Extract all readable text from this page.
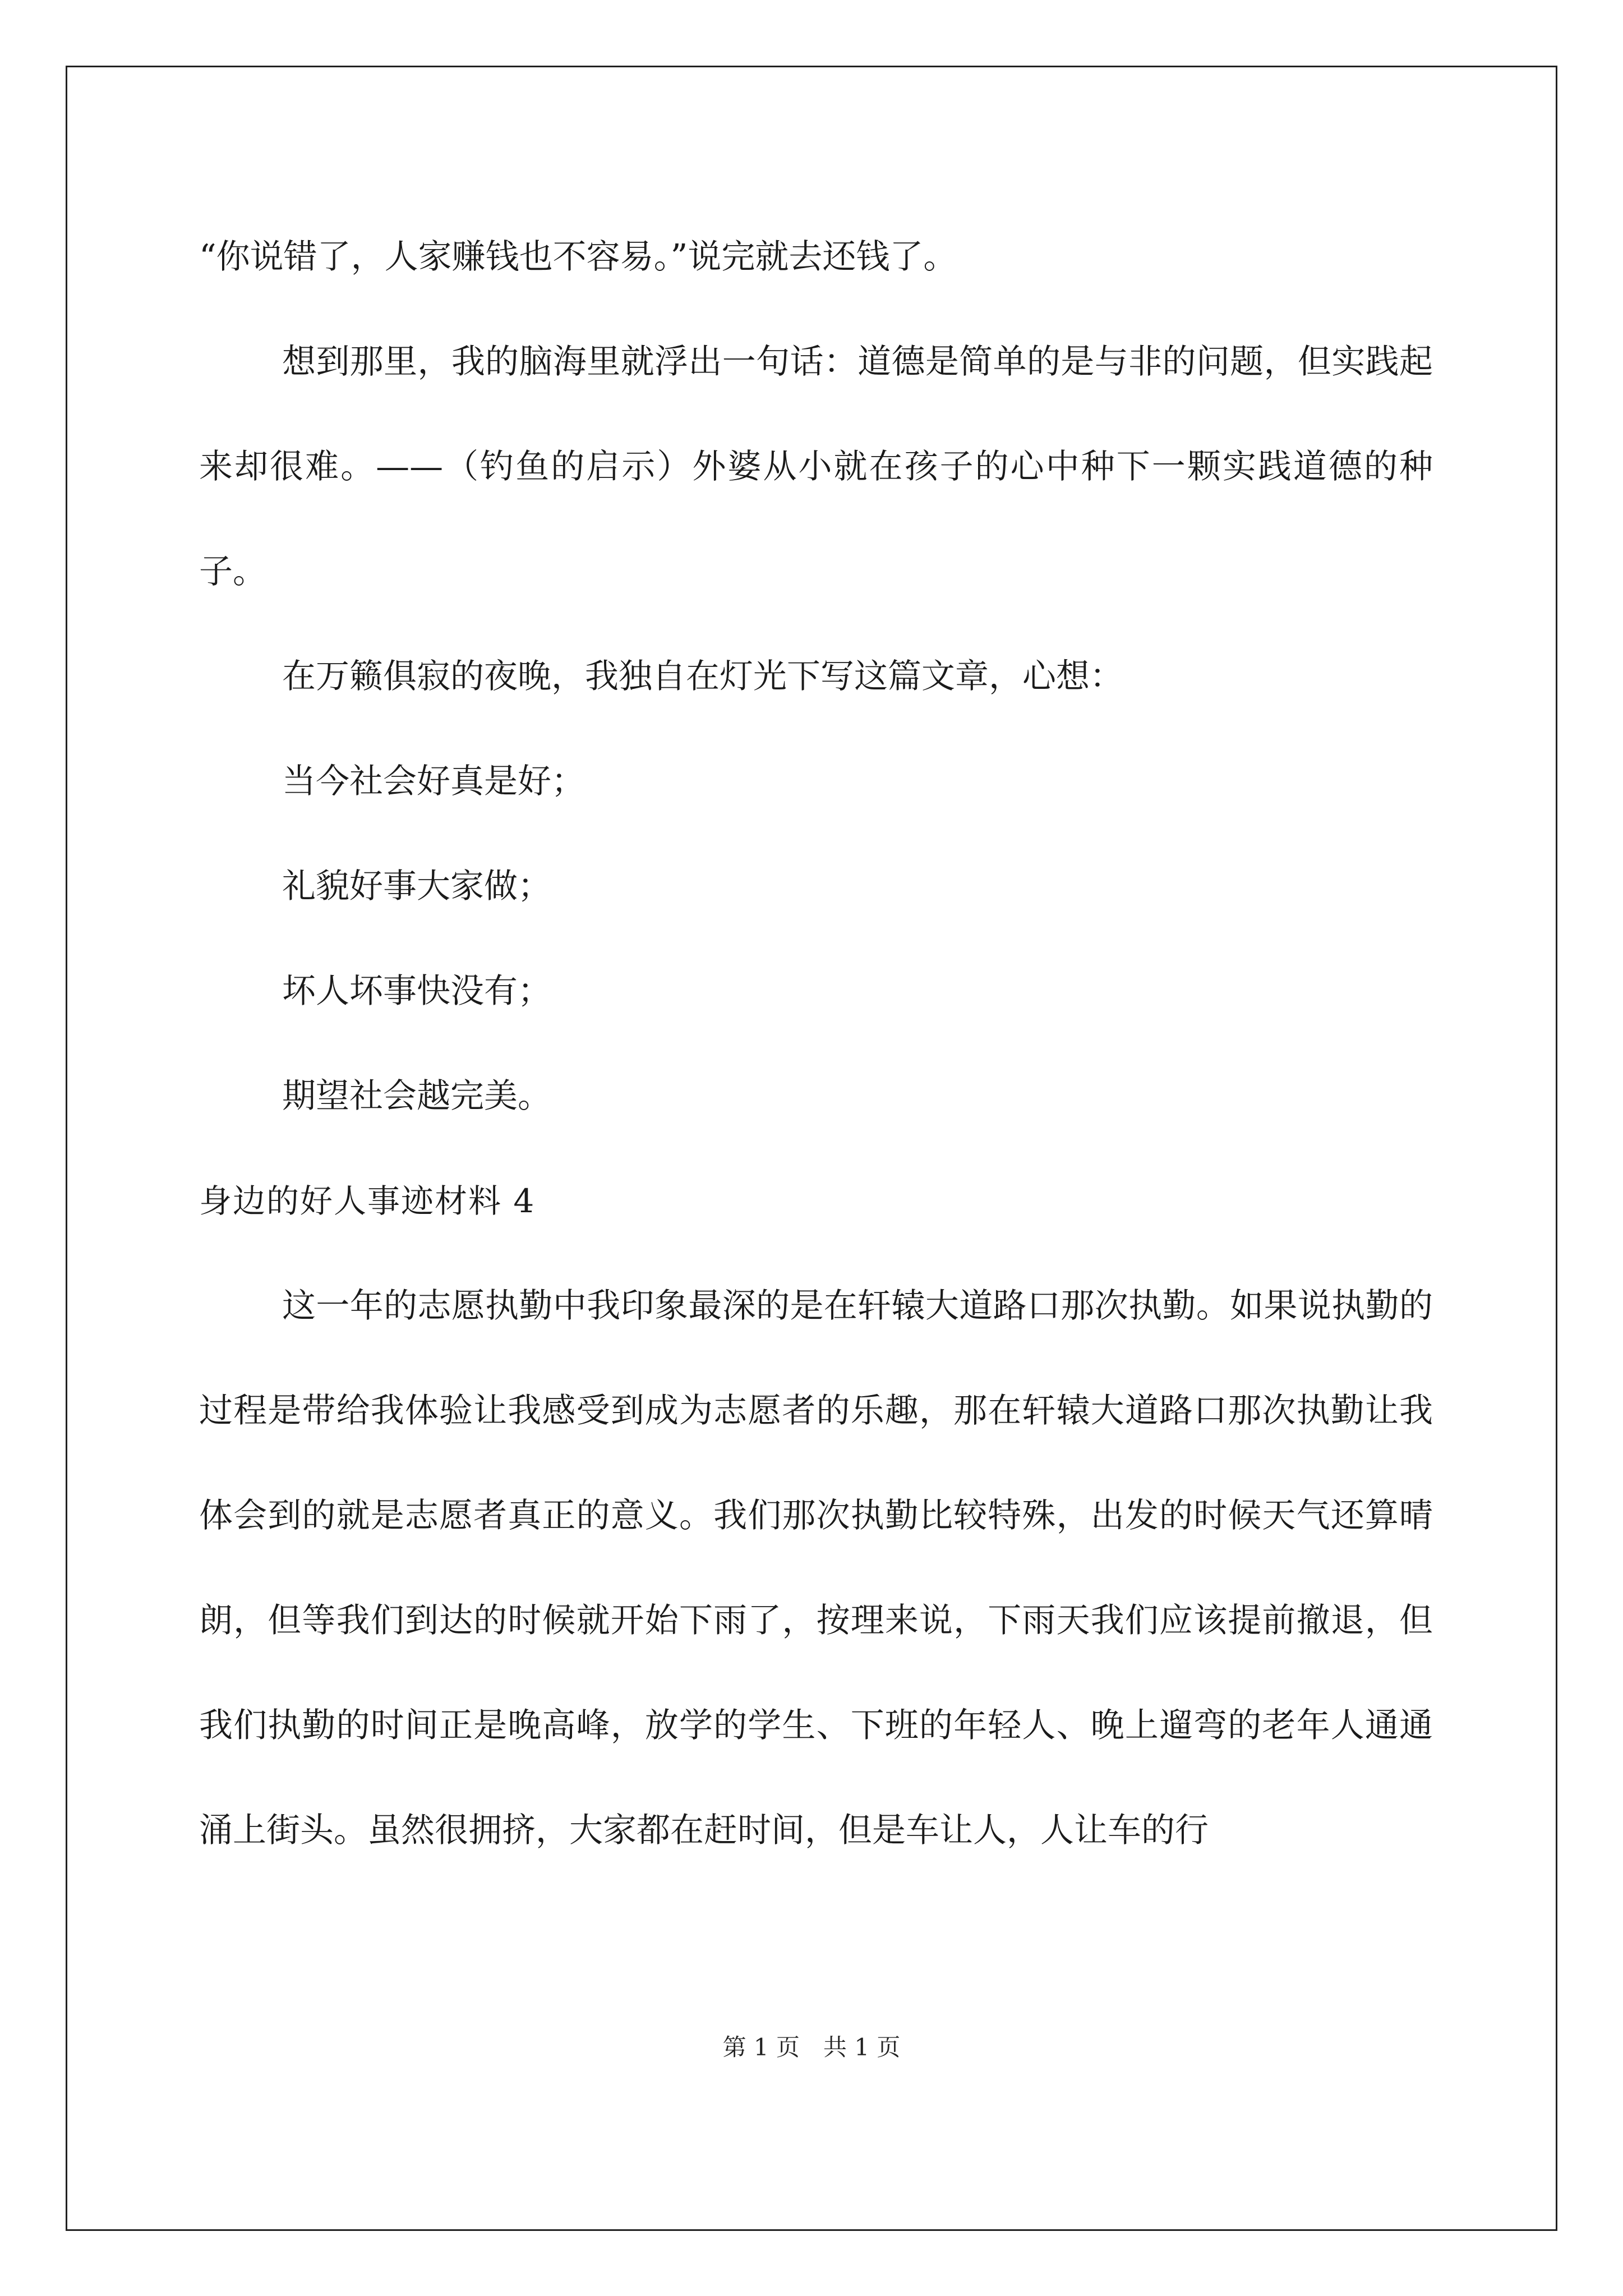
“你说错了，人家赚钱也不容易。”说完就去还钱了。

想到那里，我的脑海里就浮出一句话：道德是简单的是与非的问题，但实践起来却很难。——（钓鱼的启示）外婆从小就在孩子的心中种下一颗实践道德的种子。

在万籁俱寂的夜晚，我独自在灯光下写这篇文章，心想：

当今社会好真是好；

礼貌好事大家做；

坏人坏事快没有；

期望社会越完美。

身边的好人事迹材料 4

这一年的志愿执勤中我印象最深的是在轩辕大道路口那次执勤。如果说执勤的过程是带给我体验让我感受到成为志愿者的乐趣，那在轩辕大道路口那次执勤让我体会到的就是志愿者真正的意义。我们那次执勤比较特殊，出发的时候天气还算晴朗，但等我们到达的时候就开始下雨了，按理来说，下雨天我们应该提前撤退，但我们执勤的时间正是晚高峰，放学的学生、下班的年轻人、晚上遛弯的老年人通通涌上街头。虽然很拥挤，大家都在赶时间，但是车让人，人让车的行

第 1 页　共 1 页
